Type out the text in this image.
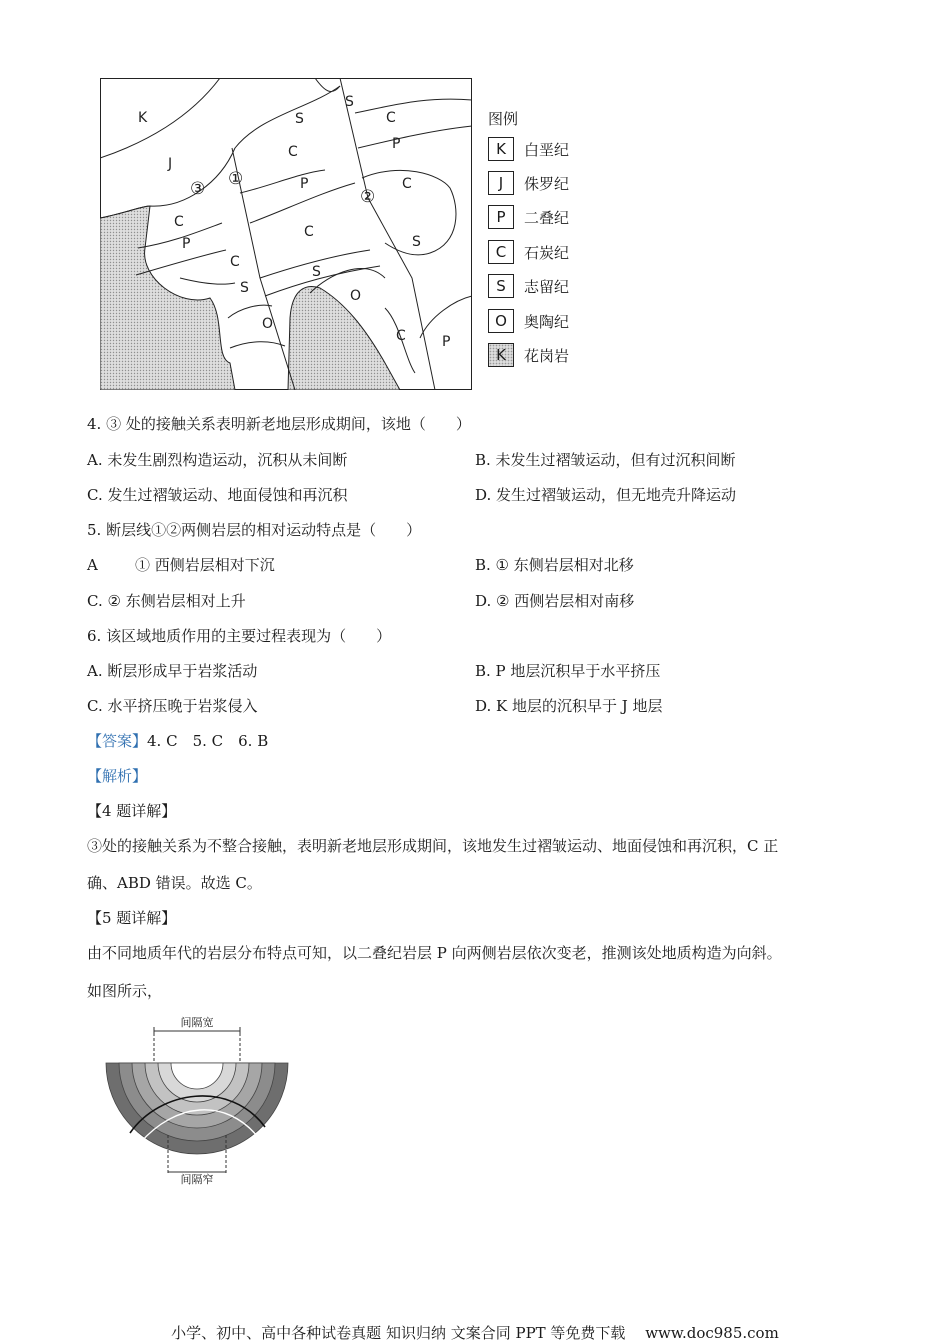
K
J
C
P
C
S
O
S
C
P
C
S
O
S
C
P
C
S
C	P
①
②
③
图例
K	白垩纪
J	侏罗纪
P	二叠纪
C	石炭纪
S	志留纪
O	奥陶纪
K	花岗岩
4. ③ 处的接触关系表明新老地层形成期间，该地（　　）
A. 未发生剧烈构造运动，沉积从未间断	B. 未发生过褶皱运动，但有过沉积间断
C. 发生过褶皱运动、地面侵蚀和再沉积	D. 发生过褶皱运动，但无地壳升降运动
5. 断层线①②两侧岩层的相对运动特点是（　　）
A ① 西侧岩层相对下沉	B. ① 东侧岩层相对北移
C. ② 东侧岩层相对上升	D. ② 西侧岩层相对南移
6. 该区域地质作用的主要过程表现为（　　）
A. 断层形成早于岩浆活动	B. P 地层沉积早于水平挤压
C. 水平挤压晚于岩浆侵入	D. K 地层的沉积早于 J 地层
【答案】4. C　5. C　6. B
【解析】
【4 题详解】
③处的接触关系为不整合接触，表明新老地层形成期间，该地发生过褶皱运动、地面侵蚀和再沉积，C 正
确、ABD 错误。故选 C。
【5 题详解】
由不同地质年代的岩层分布特点可知，以二叠纪岩层 P 向两侧岩层依次变老，推测该处地质构造为向斜。
如图所示，
间隔宽
间隔窄
小学、初中、高中各种试卷真题 知识归纳 文案合同 PPT 等免费下载　 www.doc985.com
